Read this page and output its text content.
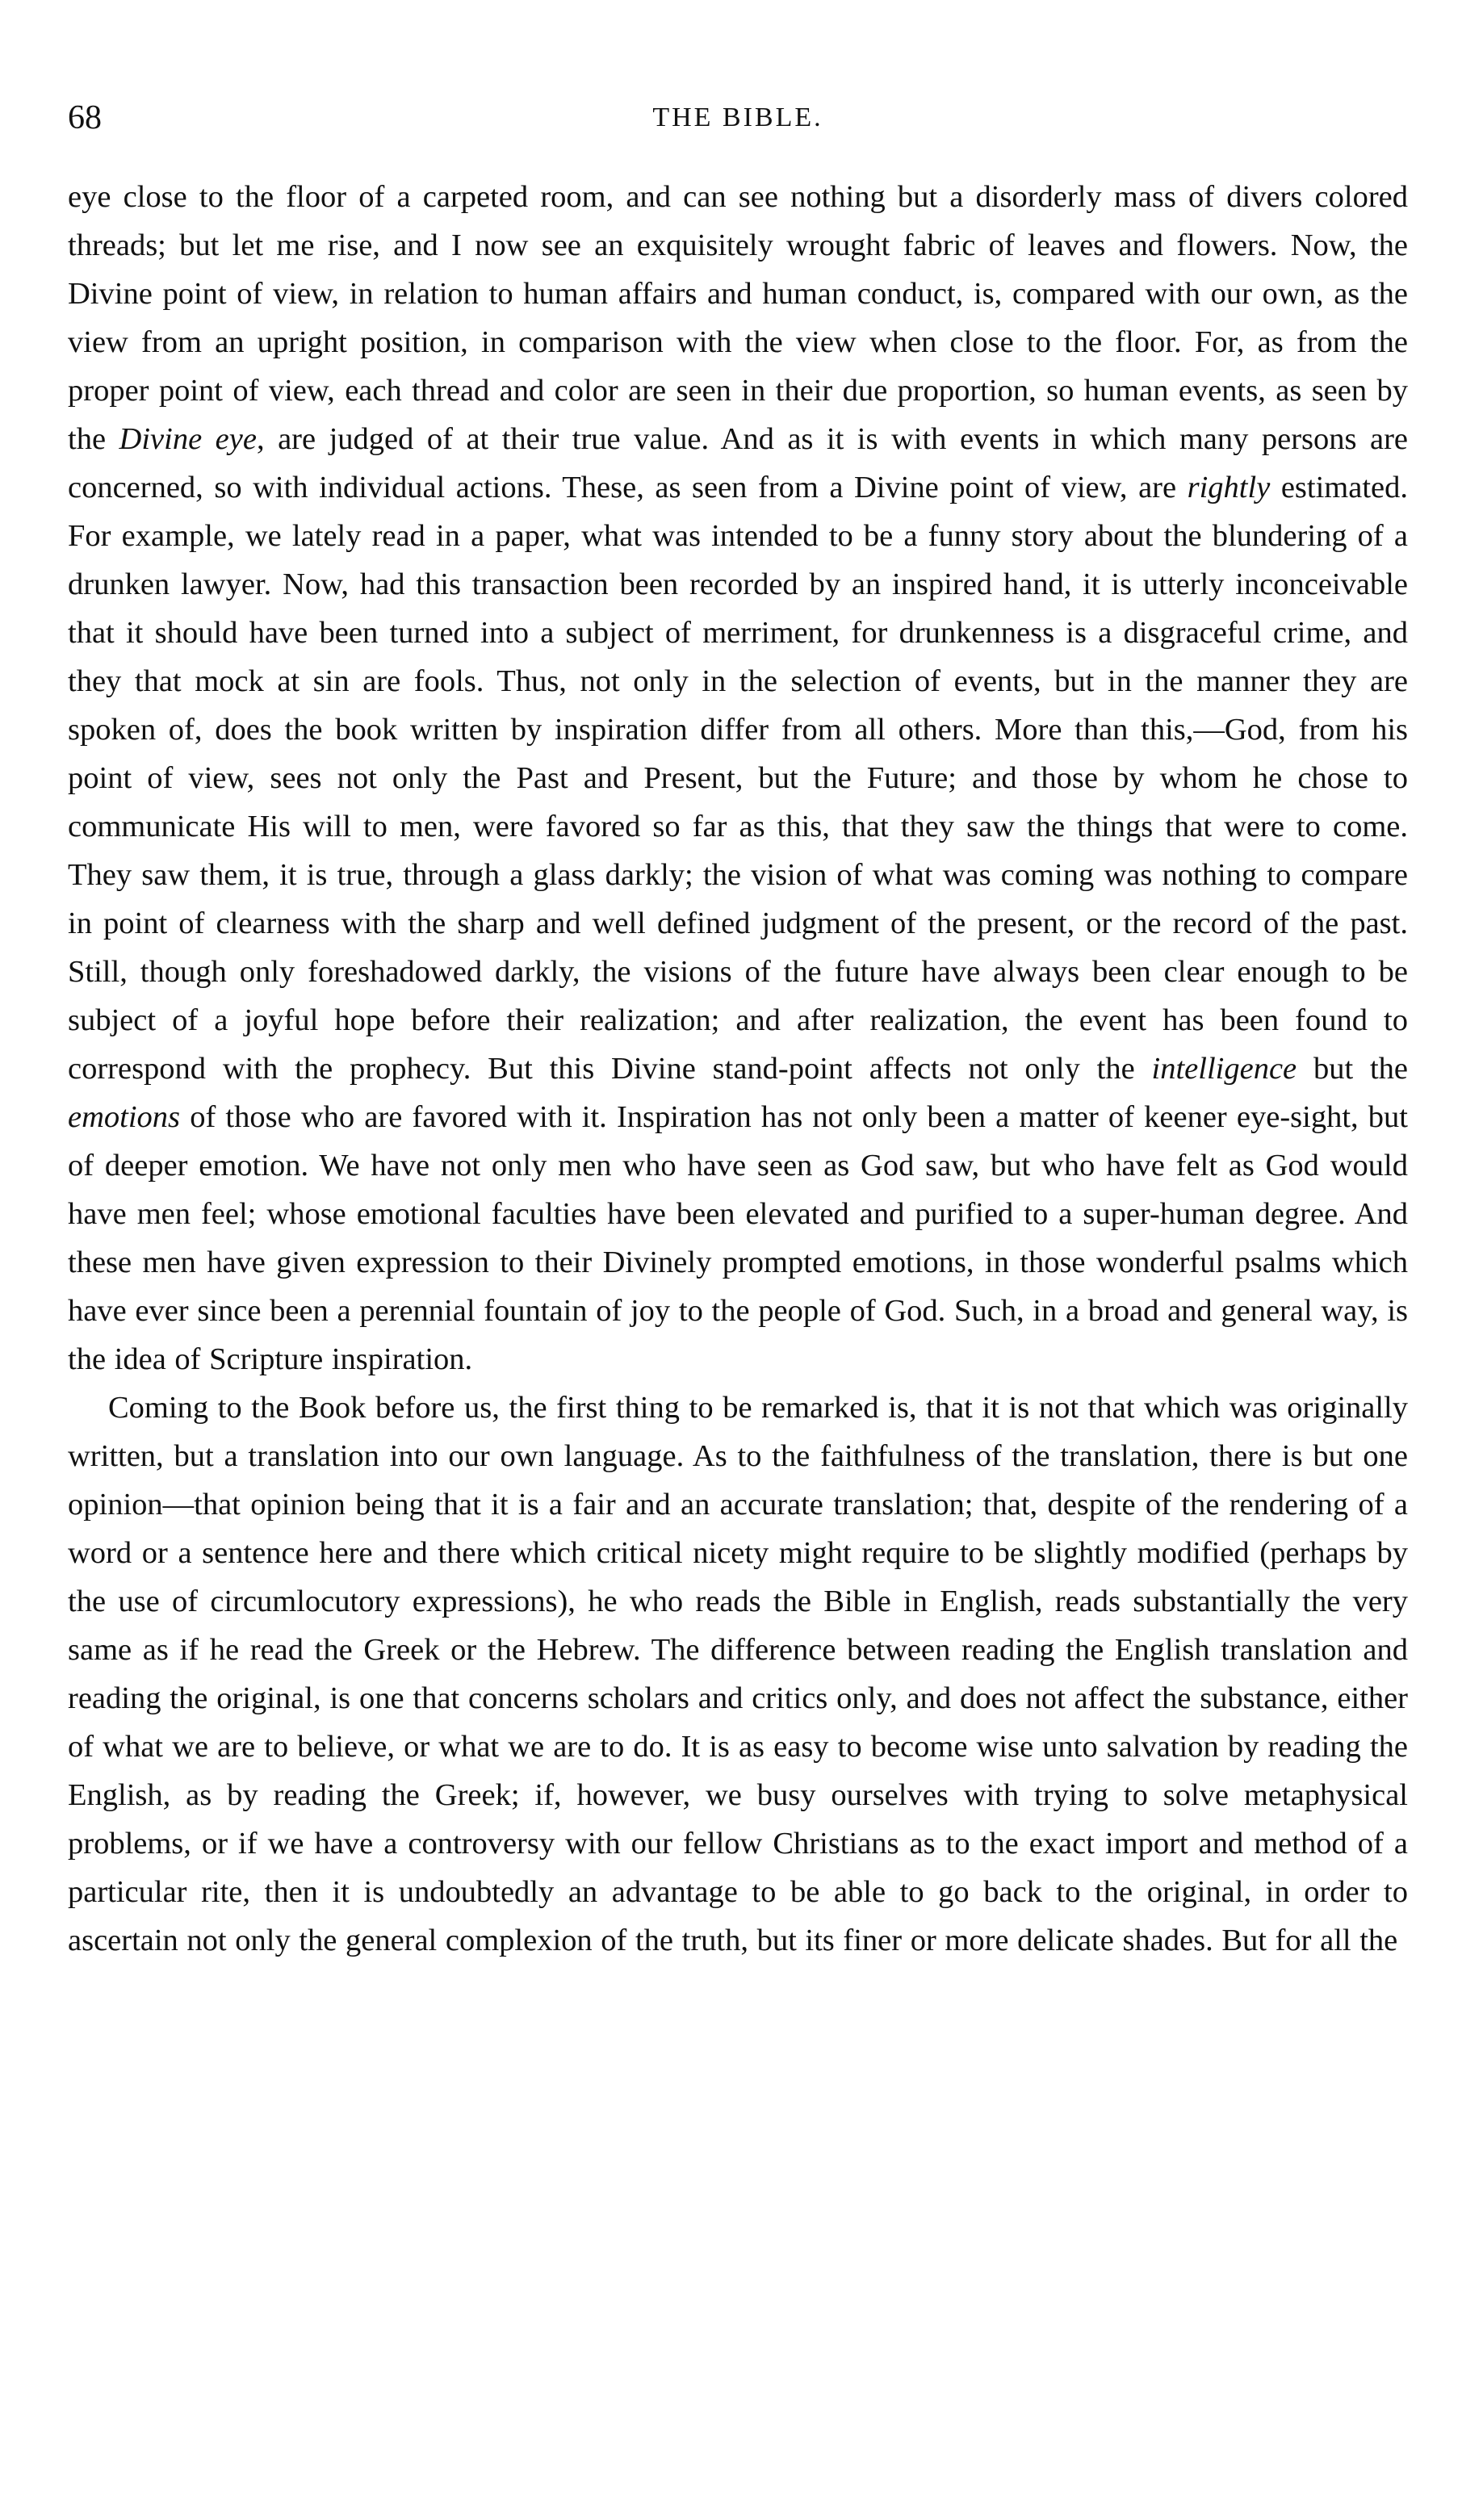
68	THE BIBLE.

eye close to the floor of a carpeted room, and can see nothing but a disorderly mass of divers colored threads; but let me rise, and I now see an exquisitely wrought fabric of leaves and flowers. Now, the Divine point of view, in relation to human affairs and human conduct, is, compared with our own, as the view from an upright position, in comparison with the view when close to the floor. For, as from the proper point of view, each thread and color are seen in their due proportion, so human events, as seen by the Divine eye, are judged of at their true value. And as it is with events in which many persons are concerned, so with individual actions. These, as seen from a Divine point of view, are rightly estimated. For example, we lately read in a paper, what was intended to be a funny story about the blundering of a drunken lawyer. Now, had this transaction been recorded by an inspired hand, it is utterly inconceivable that it should have been turned into a subject of merriment, for drunkenness is a disgraceful crime, and they that mock at sin are fools. Thus, not only in the selection of events, but in the manner they are spoken of, does the book written by inspiration differ from all others. More than this,—God, from his point of view, sees not only the Past and Present, but the Future; and those by whom he chose to communicate His will to men, were favored so far as this, that they saw the things that were to come. They saw them, it is true, through a glass darkly; the vision of what was coming was nothing to compare in point of clearness with the sharp and well defined judgment of the present, or the record of the past. Still, though only foreshadowed darkly, the visions of the future have always been clear enough to be subject of a joyful hope before their realization; and after realization, the event has been found to correspond with the prophecy. But this Divine stand-point affects not only the intelligence but the emotions of those who are favored with it. Inspiration has not only been a matter of keener eye-sight, but of deeper emotion. We have not only men who have seen as God saw, but who have felt as God would have men feel; whose emotional faculties have been elevated and purified to a super-human degree. And these men have given expression to their Divinely prompted emotions, in those wonderful psalms which have ever since been a perennial fountain of joy to the people of God. Such, in a broad and general way, is the idea of Scripture inspiration.

Coming to the Book before us, the first thing to be remarked is, that it is not that which was originally written, but a translation into our own language. As to the faithfulness of the translation, there is but one opinion—that opinion being that it is a fair and an accurate translation; that, despite of the rendering of a word or a sentence here and there which critical nicety might require to be slightly modified (perhaps by the use of circumlocutory expressions), he who reads the Bible in English, reads substantially the very same as if he read the Greek or the Hebrew. The difference between reading the English translation and reading the original, is one that concerns scholars and critics only, and does not affect the substance, either of what we are to believe, or what we are to do. It is as easy to become wise unto salvation by reading the English, as by reading the Greek; if, however, we busy ourselves with trying to solve metaphysical problems, or if we have a controversy with our fellow Christians as to the exact import and method of a particular rite, then it is undoubtedly an advantage to be able to go back to the original, in order to ascertain not only the general complexion of the truth, but its finer or more delicate shades. But for all the
